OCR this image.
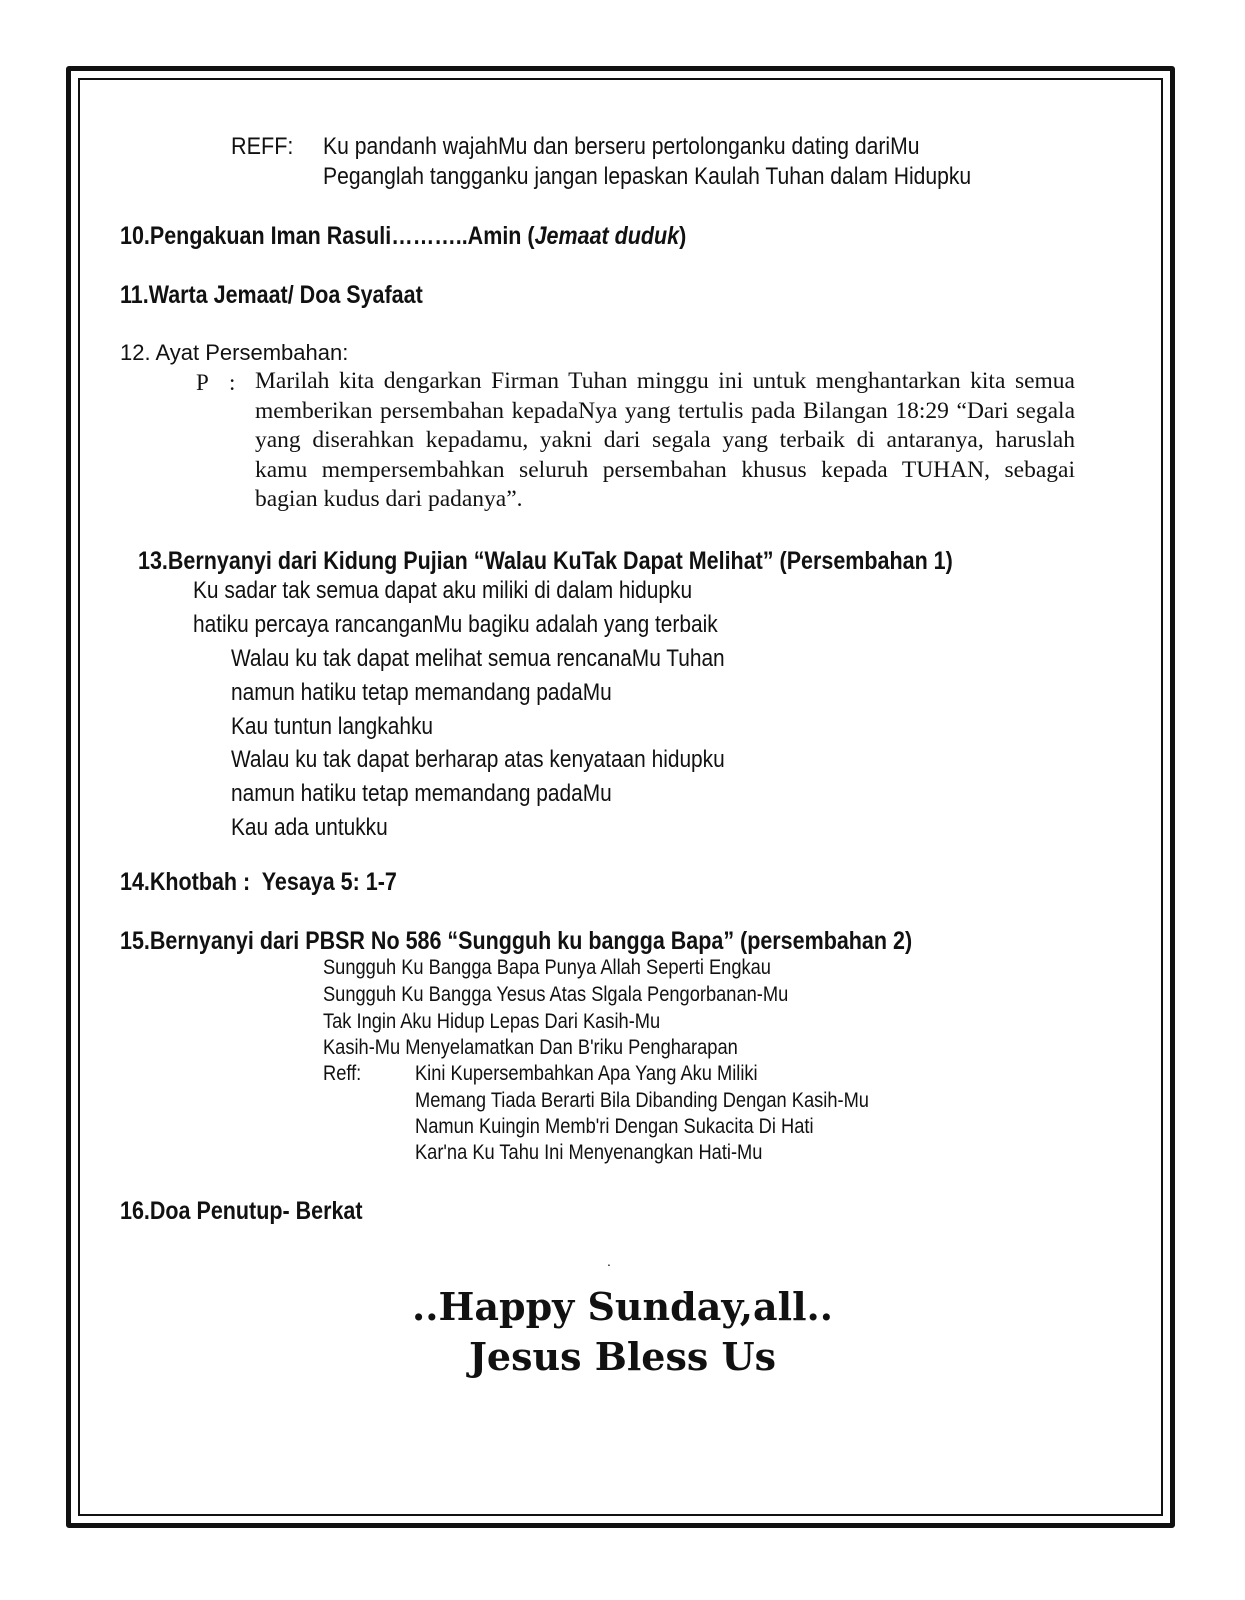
REFF: Ku pandanh wajahMu dan berseru pertolonganku dating dariMu
Peganglah tangganku jangan lepaskan Kaulah Tuhan dalam Hidupku
10.Pengakuan Iman Rasuli………..Amin (Jemaat duduk)
11.Warta Jemaat/ Doa Syafaat
12. Ayat Persembahan:
P : Marilah kita dengarkan Firman Tuhan minggu ini untuk menghantarkan kita semua memberikan persembahan kepadaNya yang tertulis pada Bilangan 18:29 “Dari segala yang diserahkan kepadamu, yakni dari segala yang terbaik di antaranya, haruslah kamu mempersembahkan seluruh persembahan khusus kepada TUHAN, sebagai bagian kudus dari padanya”.
13.Bernyanyi dari Kidung Pujian “Walau KuTak Dapat Melihat” (Persembahan 1)
Ku sadar tak semua dapat aku miliki di dalam hidupku
hatiku percaya rancanganMu bagiku adalah yang terbaik
Walau ku tak dapat melihat semua rencanaMu Tuhan
namun hatiku tetap memandang padaMu
Kau tuntun langkahku
Walau ku tak dapat berharap atas kenyataan hidupku
namun hatiku tetap memandang padaMu
Kau ada untukku
14.Khotbah :  Yesaya 5: 1-7
15.Bernyanyi dari PBSR No 586 “Sungguh ku bangga Bapa” (persembahan 2)
Sungguh Ku Bangga Bapa Punya Allah Seperti Engkau
Sungguh Ku Bangga Yesus Atas Slgala Pengorbanan-Mu
Tak Ingin Aku Hidup Lepas Dari Kasih-Mu
Kasih-Mu Menyelamatkan Dan B'riku Pengharapan
Reff:	Kini Kupersembahkan Apa Yang Aku Miliki
Memang Tiada Berarti Bila Dibanding Dengan Kasih-Mu
Namun Kuingin Memb'ri Dengan Sukacita Di Hati
Kar'na Ku Tahu Ini Menyenangkan Hati-Mu
16.Doa Penutup- Berkat
.
..Happy Sunday,all..
Jesus Bless Us
